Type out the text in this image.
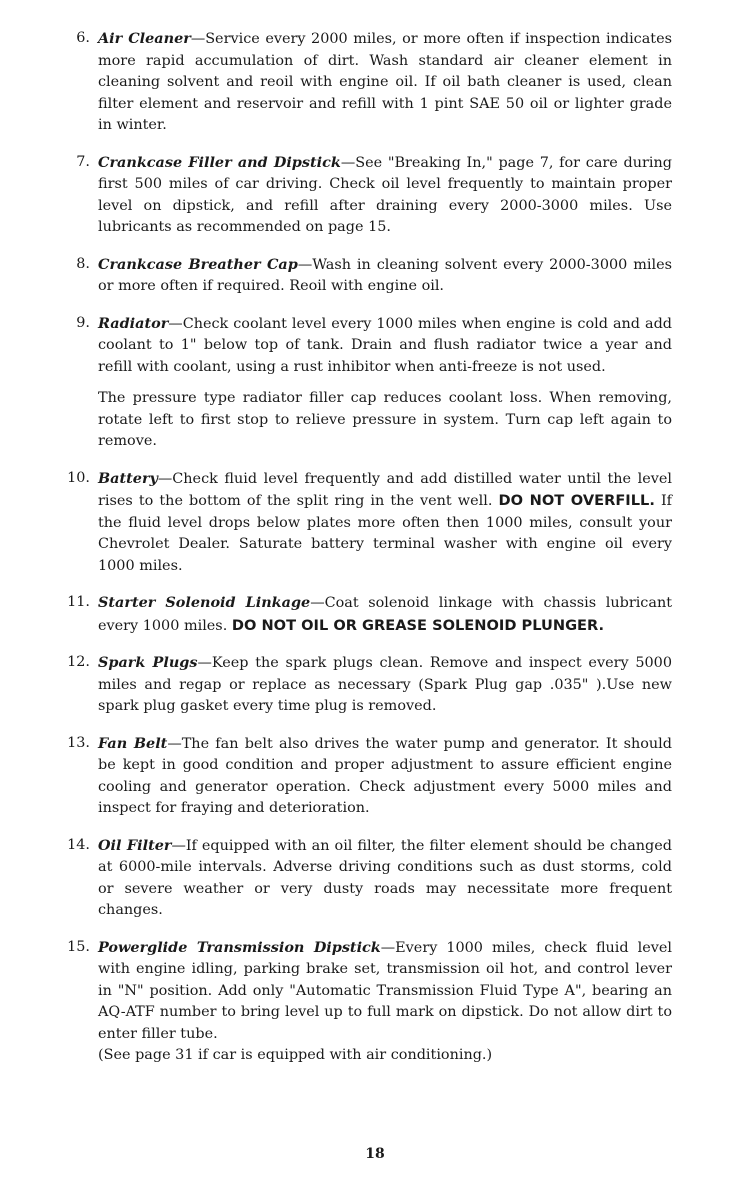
6. Air Cleaner—Service every 2000 miles, or more often if inspection indicates more rapid accumulation of dirt. Wash standard air cleaner element in cleaning solvent and reoil with engine oil. If oil bath cleaner is used, clean filter element and reservoir and refill with 1 pint SAE 50 oil or lighter grade in winter.
7. Crankcase Filler and Dipstick—See "Breaking In," page 7, for care during first 500 miles of car driving. Check oil level frequently to maintain proper level on dipstick, and refill after draining every 2000-3000 miles. Use lubricants as recommended on page 15.
8. Crankcase Breather Cap—Wash in cleaning solvent every 2000-3000 miles or more often if required. Reoil with engine oil.
9. Radiator—Check coolant level every 1000 miles when engine is cold and add coolant to 1" below top of tank. Drain and flush radiator twice a year and refill with coolant, using a rust inhibitor when anti-freeze is not used.
The pressure type radiator filler cap reduces coolant loss. When removing, rotate left to first stop to relieve pressure in system. Turn cap left again to remove.
10. Battery—Check fluid level frequently and add distilled water until the level rises to the bottom of the split ring in the vent well. DO NOT OVERFILL. If the fluid level drops below plates more often then 1000 miles, consult your Chevrolet Dealer. Saturate battery terminal washer with engine oil every 1000 miles.
11. Starter Solenoid Linkage—Coat solenoid linkage with chassis lubricant every 1000 miles. DO NOT OIL OR GREASE SOLENOID PLUNGER.
12. Spark Plugs—Keep the spark plugs clean. Remove and inspect every 5000 miles and regap or replace as necessary (Spark Plug gap .035" ).Use new spark plug gasket every time plug is removed.
13. Fan Belt—The fan belt also drives the water pump and generator. It should be kept in good condition and proper adjustment to assure efficient engine cooling and generator operation. Check adjustment every 5000 miles and inspect for fraying and deterioration.
14. Oil Filter—If equipped with an oil filter, the filter element should be changed at 6000-mile intervals. Adverse driving conditions such as dust storms, cold or severe weather or very dusty roads may necessitate more frequent changes.
15. Powerglide Transmission Dipstick—Every 1000 miles, check fluid level with engine idling, parking brake set, transmission oil hot, and control lever in "N" position. Add only "Automatic Transmission Fluid Type A", bearing an AQ-ATF number to bring level up to full mark on dipstick. Do not allow dirt to enter filler tube.
(See page 31 if car is equipped with air conditioning.)
18
